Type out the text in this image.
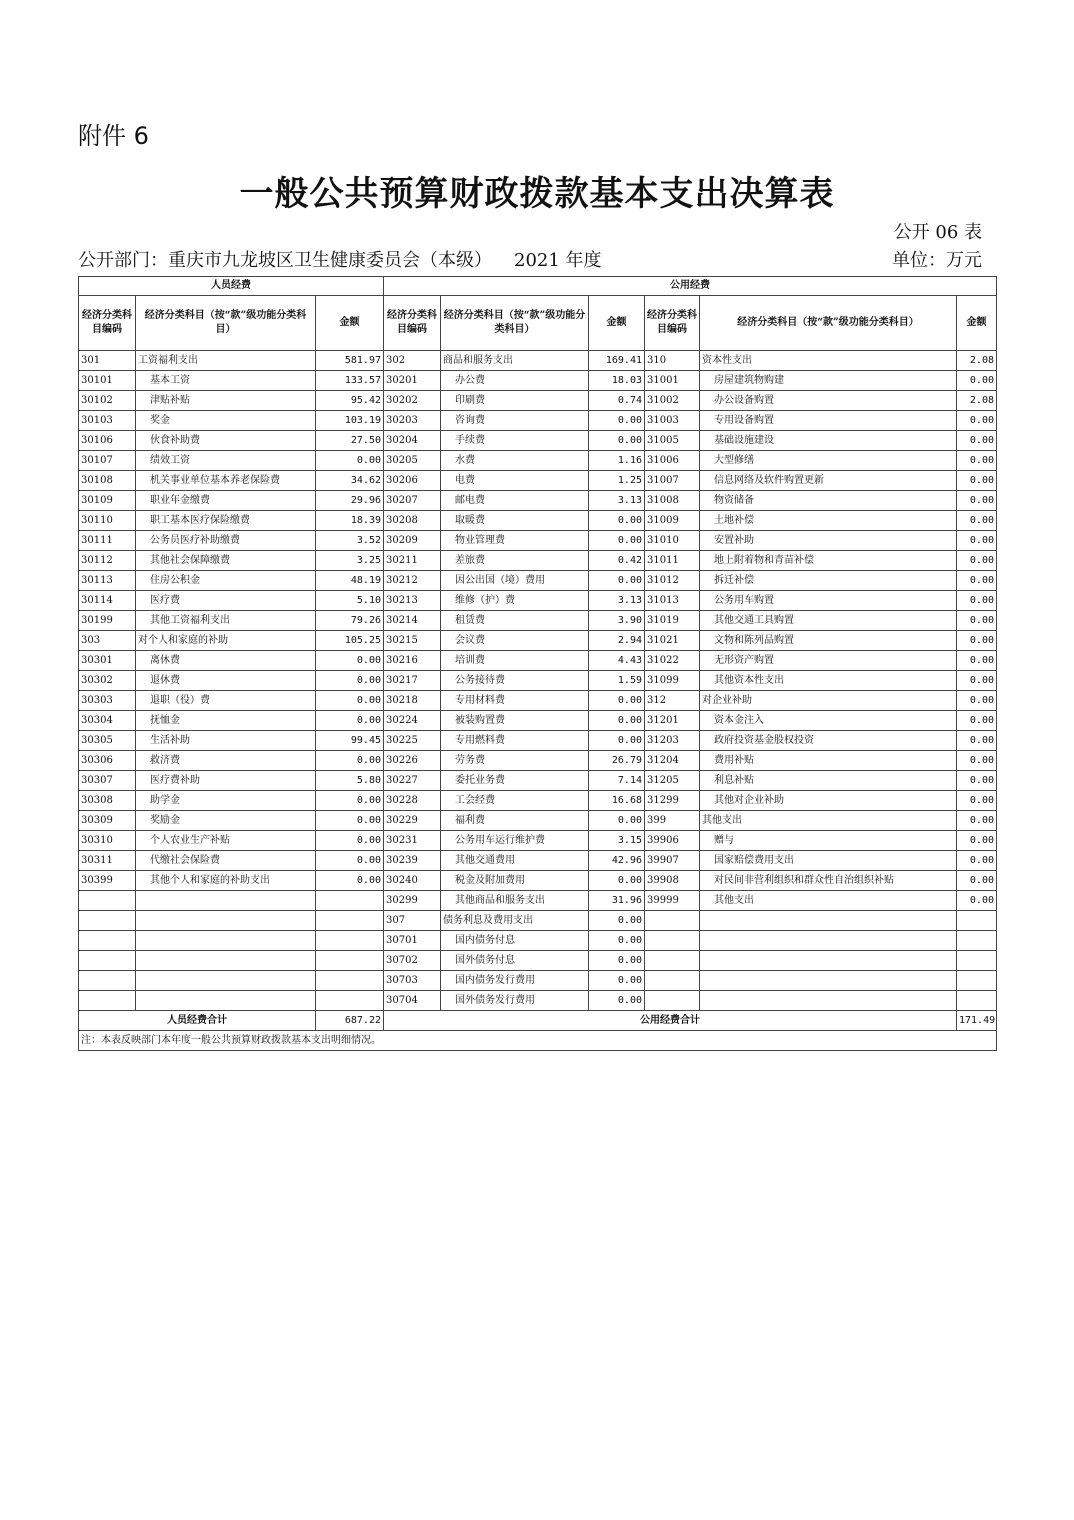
附件 6
一般公共预算财政拨款基本支出决算表
公开 06 表
公开部门：重庆市九龙坡区卫生健康委员会（本级） 2021 年度	单位：万元
人员经费			公用经费					
经济分类科目编码	经济分类科目（按“款”级功能分类科目）	金额	经济分类科目编码	经济分类科目（按“款”级功能分类科目）	金额	经济分类科目编码	经济分类科目（按“款”级功能分类科目）	金额
301	工资福利支出	581.97	302	商品和服务支出	169.41	310	资本性支出	2.08
30101	基本工资	133.57	30201	办公费	18.03	31001	房屋建筑物购建	0.00
30102	津贴补贴	95.42	30202	印刷费	0.74	31002	办公设备购置	2.08
30103	奖金	103.19	30203	咨询费	0.00	31003	专用设备购置	0.00
30106	伙食补助费	27.50	30204	手续费	0.00	31005	基础设施建设	0.00
30107	绩效工资	0.00	30205	水费	1.16	31006	大型修缮	0.00
30108	机关事业单位基本养老保险费	34.62	30206	电费	1.25	31007	信息网络及软件购置更新	0.00
30109	职业年金缴费	29.96	30207	邮电费	3.13	31008	物资储备	0.00
30110	职工基本医疗保险缴费	18.39	30208	取暖费	0.00	31009	土地补偿	0.00
30111	公务员医疗补助缴费	3.52	30209	物业管理费	0.00	31010	安置补助	0.00
30112	其他社会保障缴费	3.25	30211	差旅费	0.42	31011	地上附着物和青苗补偿	0.00
30113	住房公积金	48.19	30212	因公出国（境）费用	0.00	31012	拆迁补偿	0.00
30114	医疗费	5.10	30213	维修（护）费	3.13	31013	公务用车购置	0.00
30199	其他工资福利支出	79.26	30214	租赁费	3.90	31019	其他交通工具购置	0.00
303	对个人和家庭的补助	105.25	30215	会议费	2.94	31021	文物和陈列品购置	0.00
30301	离休费	0.00	30216	培训费	4.43	31022	无形资产购置	0.00
30302	退休费	0.00	30217	公务接待费	1.59	31099	其他资本性支出	0.00
30303	退职（役）费	0.00	30218	专用材料费	0.00	312	对企业补助	0.00
30304	抚恤金	0.00	30224	被装购置费	0.00	31201	资本金注入	0.00
30305	生活补助	99.45	30225	专用燃料费	0.00	31203	政府投资基金股权投资	0.00
30306	救济费	0.00	30226	劳务费	26.79	31204	费用补贴	0.00
30307	医疗费补助	5.80	30227	委托业务费	7.14	31205	利息补贴	0.00
30308	助学金	0.00	30228	工会经费	16.68	31299	其他对企业补助	0.00
30309	奖励金	0.00	30229	福利费	0.00	399	其他支出	0.00
30310	个人农业生产补贴	0.00	30231	公务用车运行维护费	3.15	39906	赠与	0.00
30311	代缴社会保险费	0.00	30239	其他交通费用	42.96	39907	国家赔偿费用支出	0.00
30399	其他个人和家庭的补助支出	0.00	30240	税金及附加费用	0.00	39908	对民间非营利组织和群众性自治组织补贴	0.00
			30299	其他商品和服务支出	31.96	39999	其他支出	0.00
			307	债务利息及费用支出	0.00			
			30701	国内债务付息	0.00			
			30702	国外债务付息	0.00			
			30703	国内债务发行费用	0.00			
			30704	国外债务发行费用	0.00			
人员经费合计		687.22	公用经费合计					171.49
注：本表反映部门本年度一般公共预算财政拨款基本支出明细情况。								
